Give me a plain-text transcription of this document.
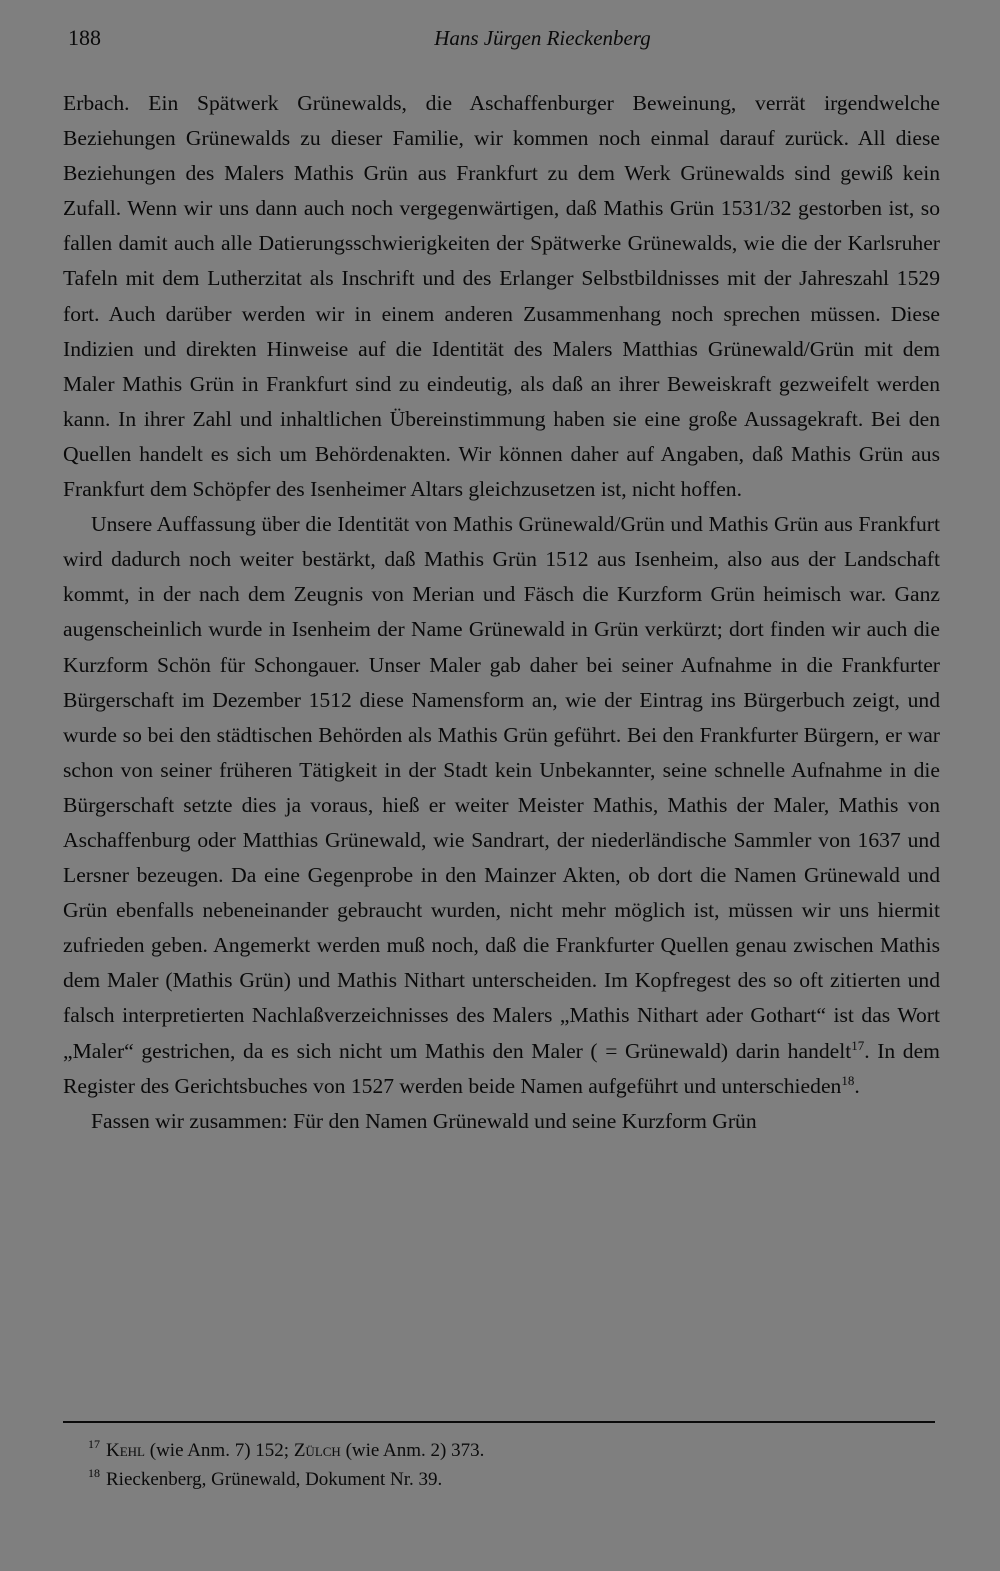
188	Hans Jürgen Rieckenberg

Erbach. Ein Spätwerk Grünewalds, die Aschaffenburger Beweinung, verrät irgendwelche Beziehungen Grünewalds zu dieser Familie, wir kommen noch einmal darauf zurück. All diese Beziehungen des Malers Mathis Grün aus Frankfurt zu dem Werk Grünewalds sind gewiß kein Zufall. Wenn wir uns dann auch noch vergegenwärtigen, daß Mathis Grün 1531/32 gestorben ist, so fallen damit auch alle Datierungsschwierigkeiten der Spätwerke Grünewalds, wie die der Karlsruher Tafeln mit dem Lutherzitat als Inschrift und des Erlanger Selbstbildnisses mit der Jahreszahl 1529 fort. Auch darüber werden wir in einem anderen Zusammenhang noch sprechen müssen. Diese Indizien und direkten Hinweise auf die Identität des Malers Matthias Grünewald/Grün mit dem Maler Mathis Grün in Frankfurt sind zu eindeutig, als daß an ihrer Beweiskraft gezweifelt werden kann. In ihrer Zahl und inhaltlichen Übereinstimmung haben sie eine große Aussagekraft. Bei den Quellen handelt es sich um Behördenakten. Wir können daher auf Angaben, daß Mathis Grün aus Frankfurt dem Schöpfer des Isenheimer Altars gleichzusetzen ist, nicht hoffen.

Unsere Auffassung über die Identität von Mathis Grünewald/Grün und Mathis Grün aus Frankfurt wird dadurch noch weiter bestärkt, daß Mathis Grün 1512 aus Isenheim, also aus der Landschaft kommt, in der nach dem Zeugnis von Merian und Fäsch die Kurzform Grün heimisch war. Ganz augenscheinlich wurde in Isenheim der Name Grünewald in Grün verkürzt; dort finden wir auch die Kurzform Schön für Schongauer. Unser Maler gab daher bei seiner Aufnahme in die Frankfurter Bürgerschaft im Dezember 1512 diese Namensform an, wie der Eintrag ins Bürgerbuch zeigt, und wurde so bei den städtischen Behörden als Mathis Grün geführt. Bei den Frankfurter Bürgern, er war schon von seiner früheren Tätigkeit in der Stadt kein Unbekannter, seine schnelle Aufnahme in die Bürgerschaft setzte dies ja voraus, hieß er weiter Meister Mathis, Mathis der Maler, Mathis von Aschaffenburg oder Matthias Grünewald, wie Sandrart, der niederländische Sammler von 1637 und Lersner bezeugen. Da eine Gegenprobe in den Mainzer Akten, ob dort die Namen Grünewald und Grün ebenfalls nebeneinander gebraucht wurden, nicht mehr möglich ist, müssen wir uns hiermit zufrieden geben. Angemerkt werden muß noch, daß die Frankfurter Quellen genau zwischen Mathis dem Maler (Mathis Grün) und Mathis Nithart unterscheiden. Im Kopfregest des so oft zitierten und falsch interpretierten Nachlaßverzeichnisses des Malers „Mathis Nithart ader Gothart“ ist das Wort „Maler“ gestrichen, da es sich nicht um Mathis den Maler ( = Grünewald) darin handelt$^{17}$. In dem Register des Gerichtsbuches von 1527 werden beide Namen aufgeführt und unterschieden$^{18}$.

Fassen wir zusammen: Für den Namen Grünewald und seine Kurzform Grün

17 Kehl (wie Anm. 7) 152; Zülch (wie Anm. 2) 373.
18 Rieckenberg, Grünewald, Dokument Nr. 39.
